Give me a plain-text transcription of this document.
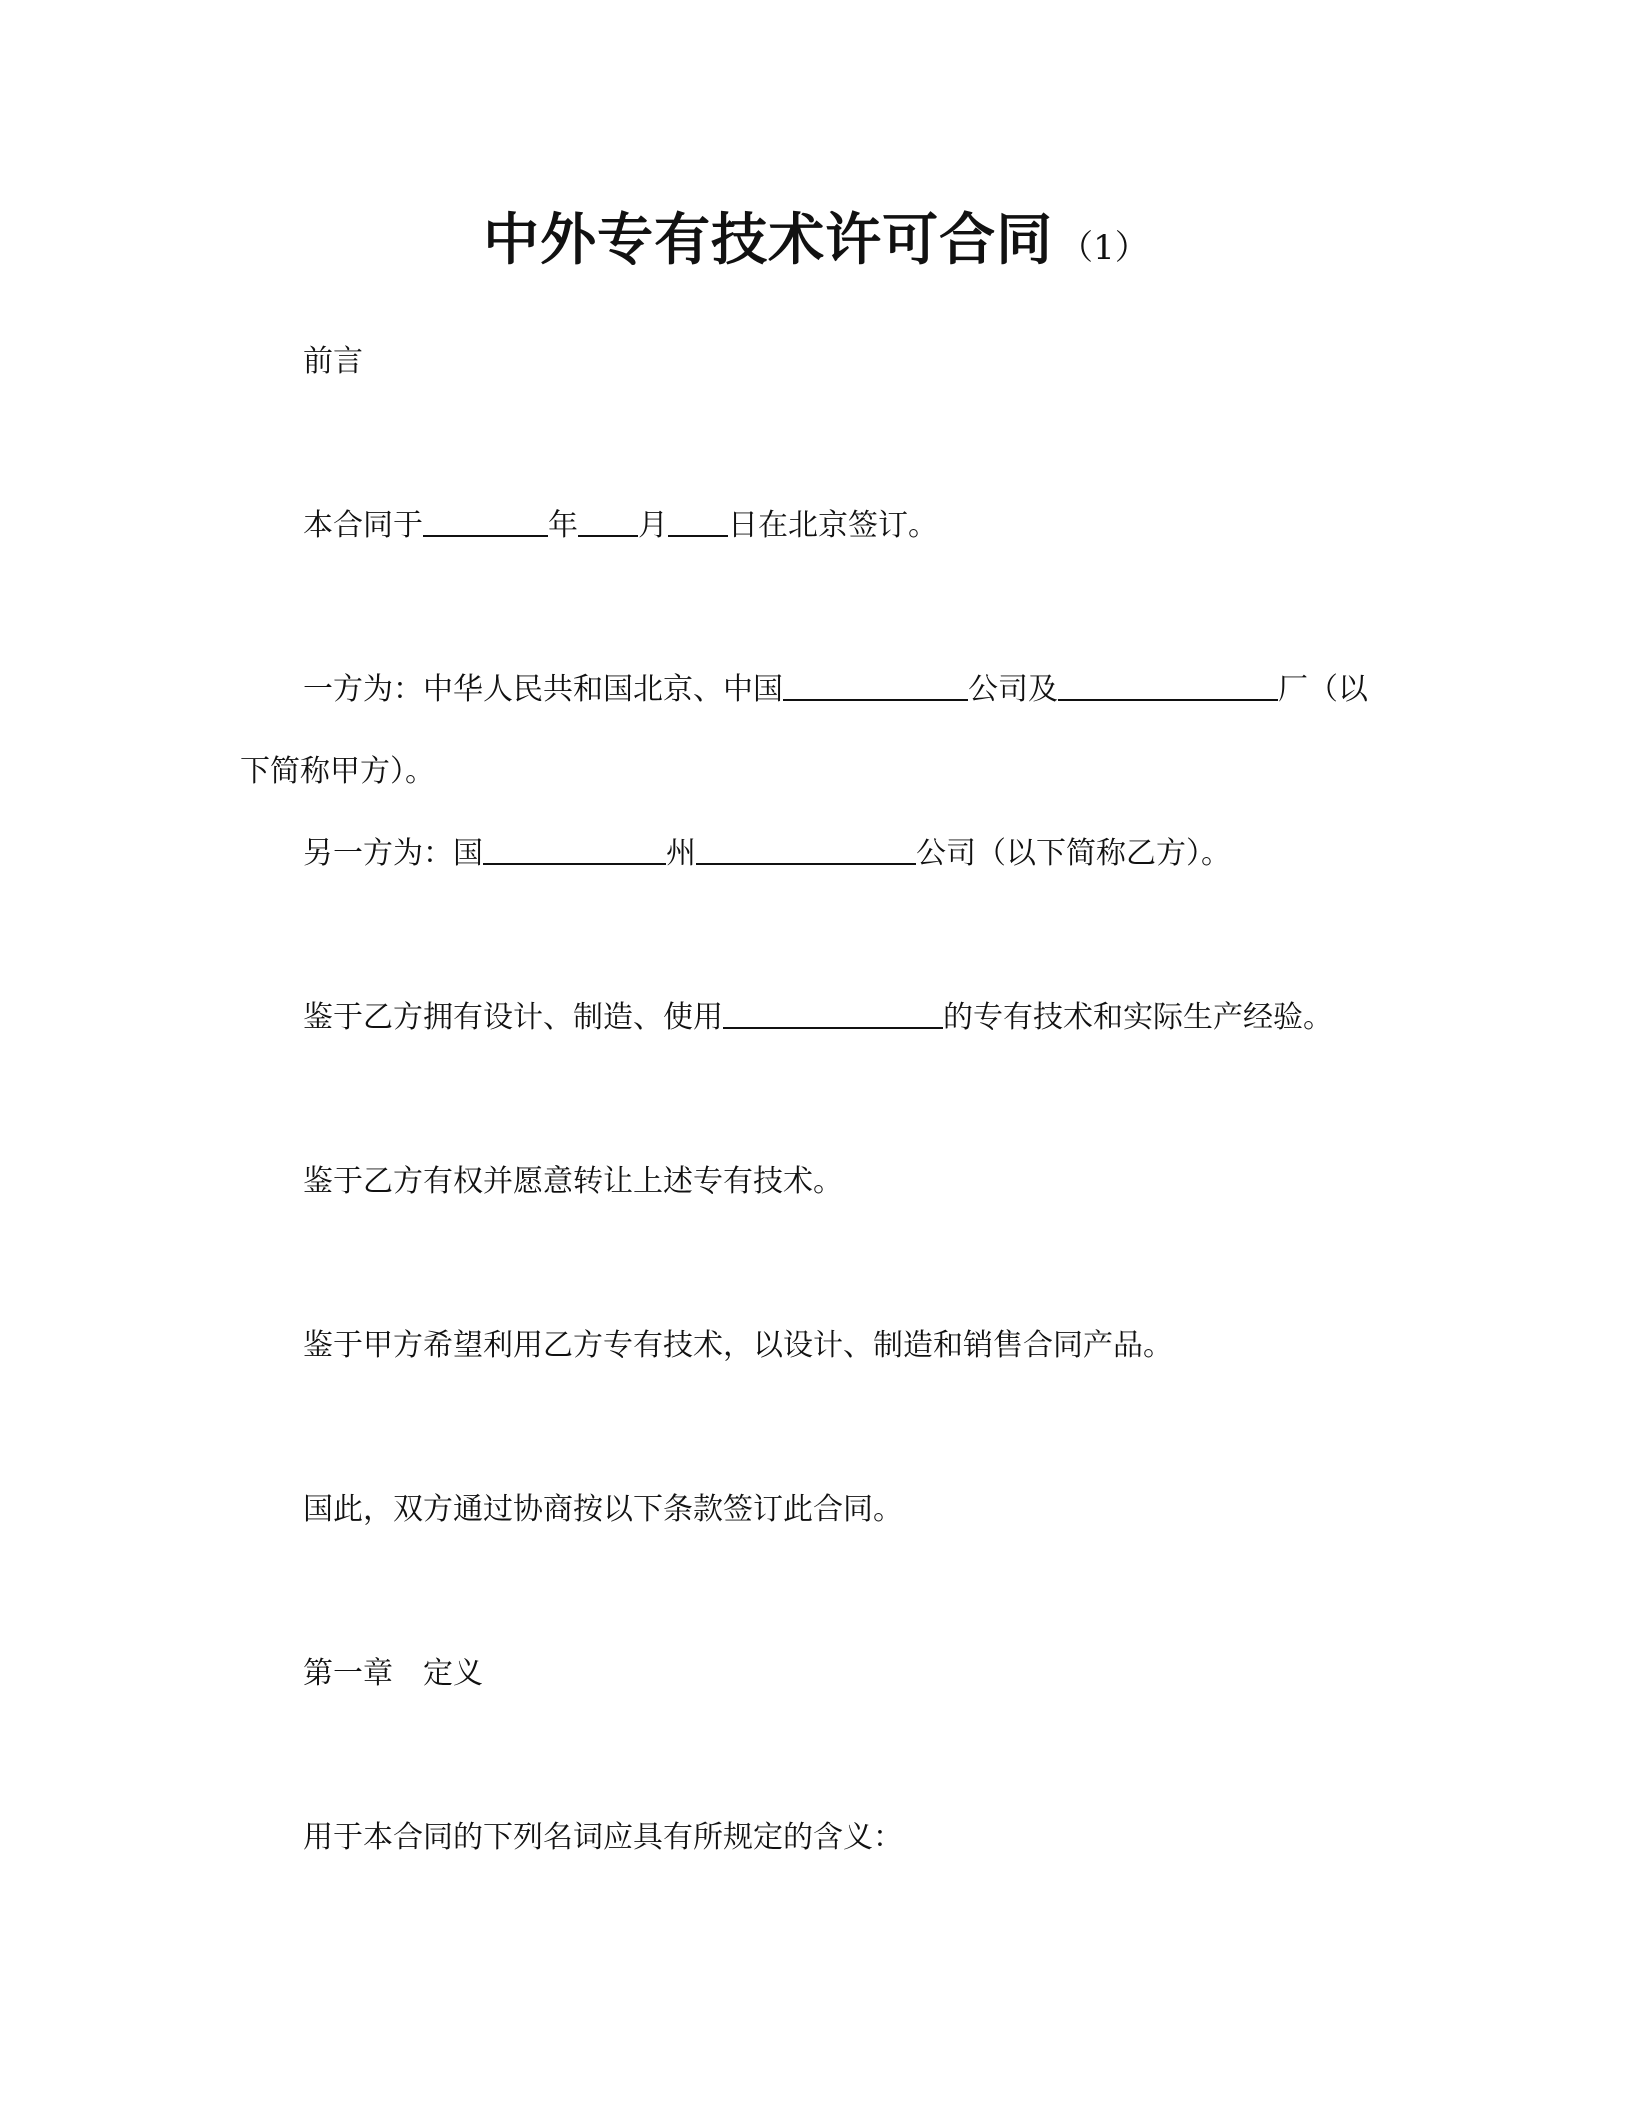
中外专有技术许可合同 （1）
前言
本合同于	年 月 日在北京签订。
一方为：中华人民共和国北京、中国	公司及	厂（以
下简称甲方）。
另一方为：国	州	公司（以下简称乙方）。
鉴于乙方拥有设计、制造、使用	的专有技术和实际生产经验。
鉴于乙方有权并愿意转让上述专有技术。
鉴于甲方希望利用乙方专有技术，以设计、制造和销售合同产品。
国此，双方通过协商按以下条款签订此合同。
第一章 定义
用于本合同的下列名词应具有所规定的含义：
